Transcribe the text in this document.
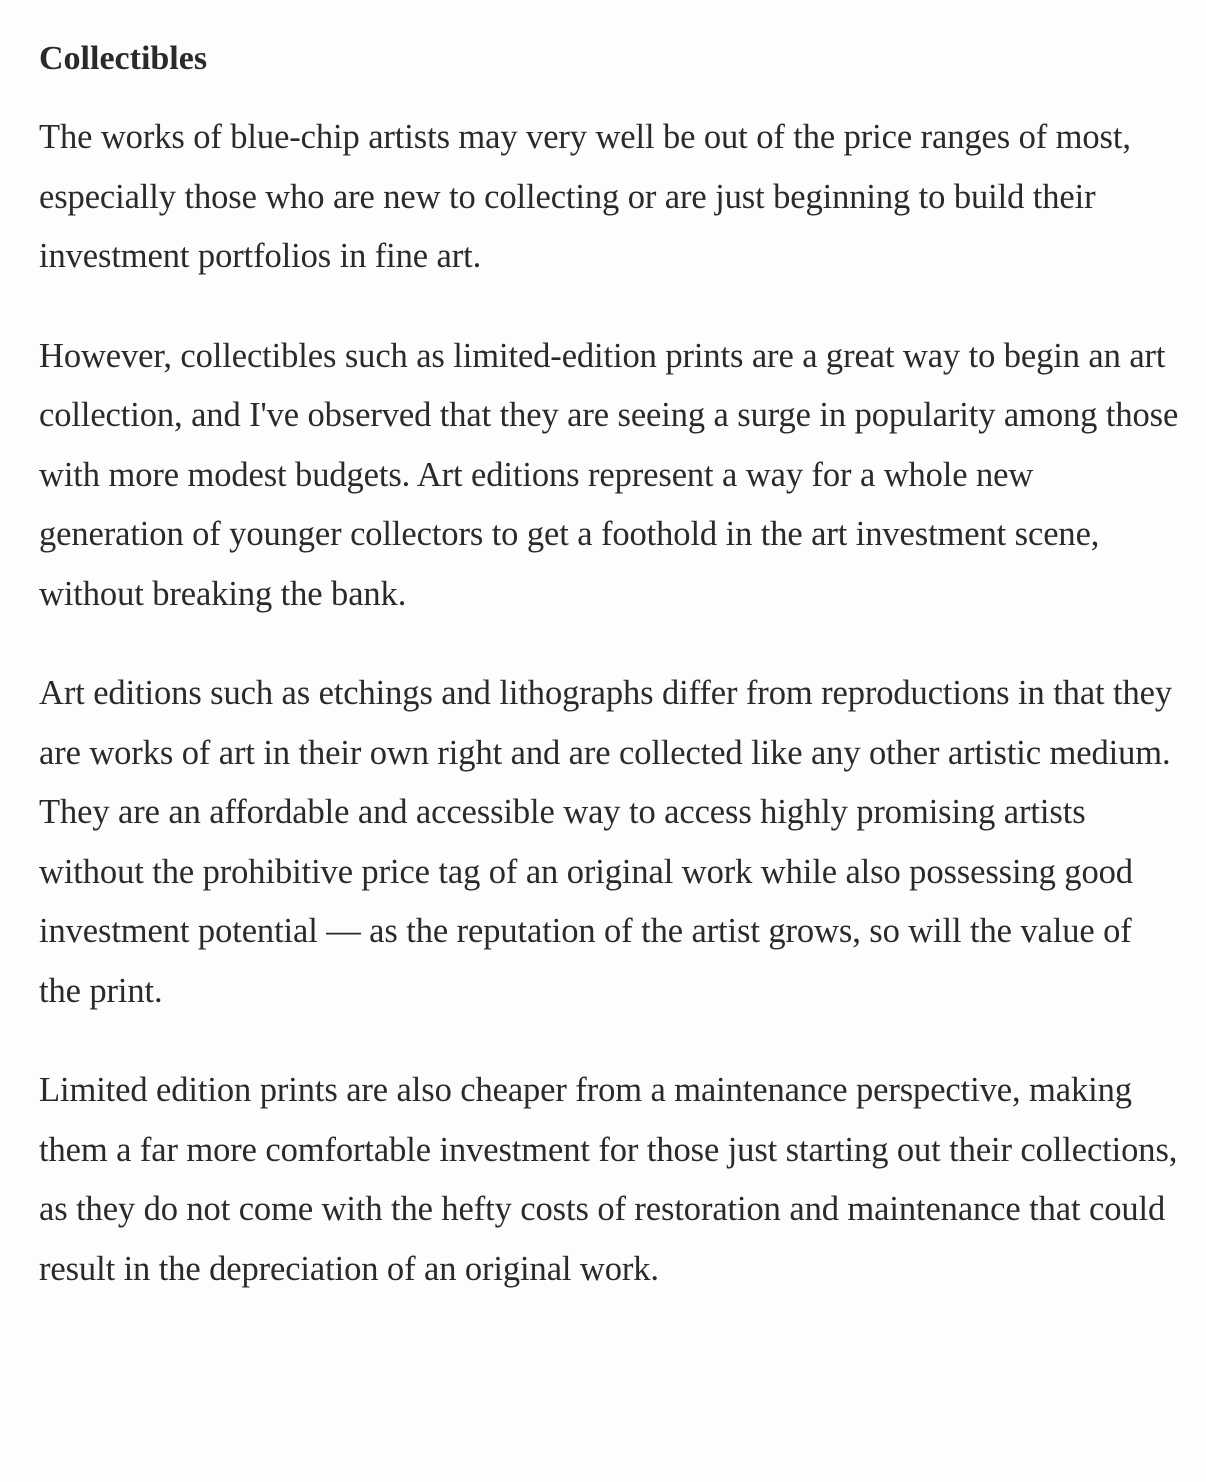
Collectibles

The works of blue-chip artists may very well be out of the price ranges of most, especially those who are new to collecting or are just beginning to build their investment portfolios in fine art.

However, collectibles such as limited-edition prints are a great way to begin an art collection, and I've observed that they are seeing a surge in popularity among those with more modest budgets. Art editions represent a way for a whole new generation of younger collectors to get a foothold in the art investment scene, without breaking the bank.

Art editions such as etchings and lithographs differ from reproductions in that they are works of art in their own right and are collected like any other artistic medium. They are an affordable and accessible way to access highly promising artists without the prohibitive price tag of an original work while also possessing good investment potential — as the reputation of the artist grows, so will the value of the print.

Limited edition prints are also cheaper from a maintenance perspective, making them a far more comfortable investment for those just starting out their collections, as they do not come with the hefty costs of restoration and maintenance that could result in the depreciation of an original work.
